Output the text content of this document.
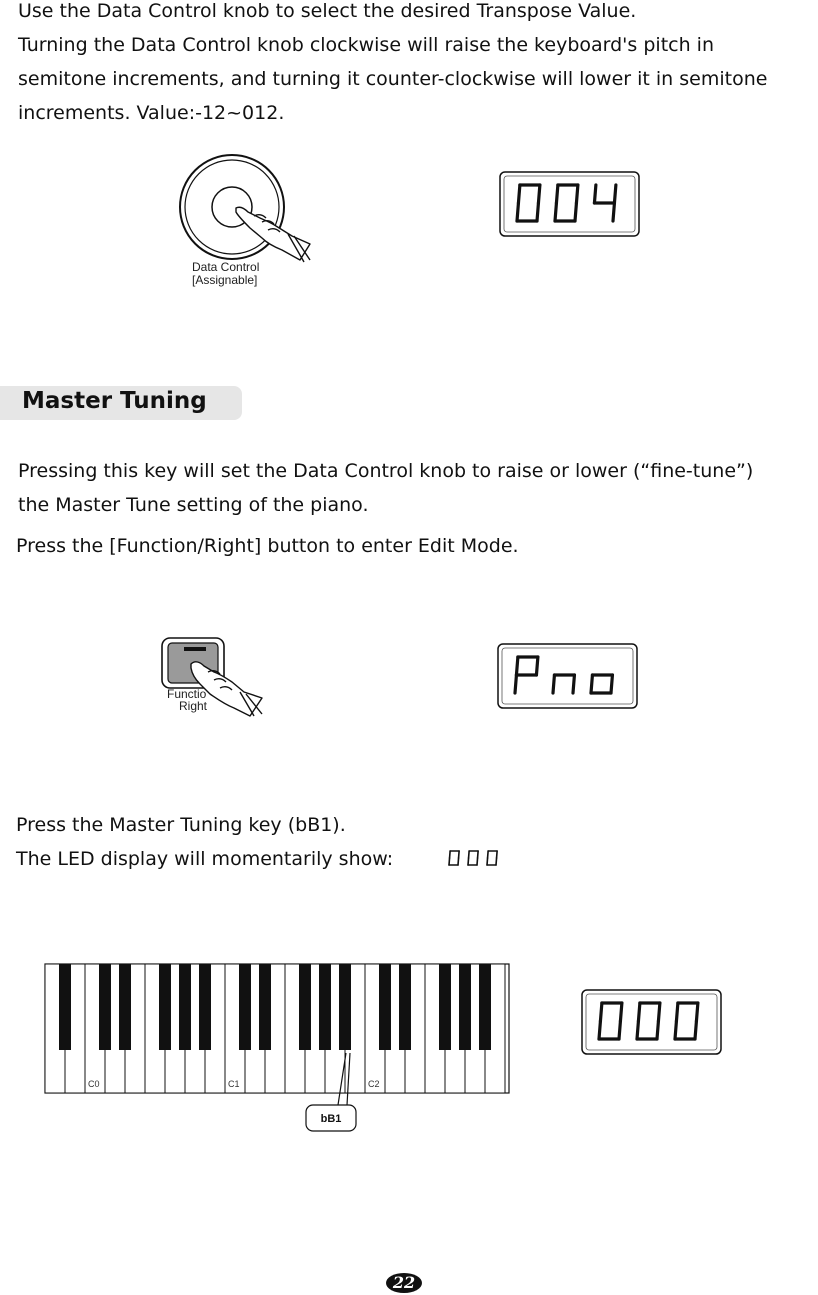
Use the Data Control knob to select the desired Transpose Value.
Turning the Data Control knob clockwise will raise the keyboard's pitch in
semitone increments, and turning it counter-clockwise will lower it in semitone
increments. Value:-12~012.
Data Control
[Assignable]
Master Tuning
Pressing this key will set the Data Control knob to raise or lower (“fine-tune”)
the Master Tune setting of the piano.
Press the [Function/Right] button to enter Edit Mode.
Functio
Right
Press the Master Tuning key (bB1).
The LED display will momentarily show:
C0	C1	C2
bB1
22
